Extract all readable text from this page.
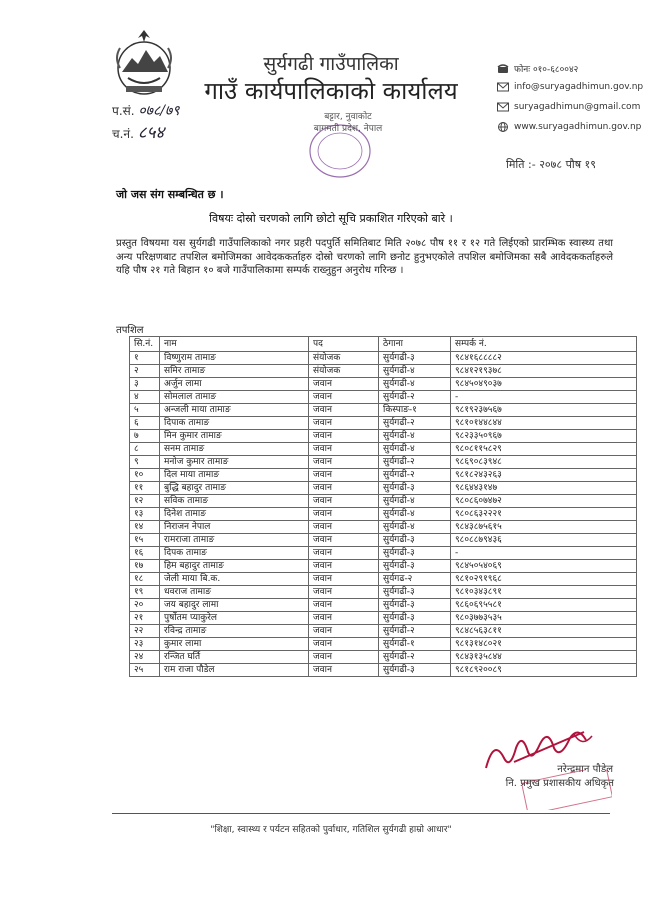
सुर्यगढी गाउँपालिका
गाउँ कार्यपालिकाको कार्यालय
फोनः ०१०-६८००४२
info@suryagadhimun.gov.np
suryagadhimun@gmail.com
www.suryagadhimun.gov.np
प.सं. ०७८/७९
च.नं. ८५४
बट्टार, नुवाकोट
बागमती प्रदेश, नेपाल
मिति :- २०७८ पौष १९
जो जस संग सम्बन्धित छ ।
विषयः दोस्रो चरणको लागि छोटो सूचि प्रकाशित गरिएको बारे ।
प्रस्तुत विषयमा यस सुर्यगढी गाउँपालिकाको नगर प्रहरी पदपुर्ति समितिबाट मिति २०७८ पौष ११ र १२ गते लिईएको प्रारम्भिक स्वास्थ्य तथा अन्य परिक्षणबाट तपशिल बमोजिमका आवेदककर्ताहरु दोस्रो चरणको लागि छनोट हुनुभएकोले तपशिल बमोजिमका सबै आवेदककर्ताहरुले यहि पौष २१ गते बिहान १० बजे गाउँपालिकामा सम्पर्क राख्नुहुन अनुरोध गरिन्छ ।
तपशिल
सि.नं.	नाम	पद	ठेगाना	सम्पर्क नं.
१	विष्णुराम तामाङ	संयोजक	सुर्यगढी-३	९८४१६८८८८२
२	समिर तामाङ	संयोजक	सुर्यगढी-४	९८४१२१९३७८
३	अर्जुन लामा	जवान	सुर्यगढी-४	९८४५०४९०३७
४	सोमलाल तामाङ	जवान	सुर्यगढी-२	-
५	अन्जली माया तामाङ	जवान	किस्पाङ-१	९८१९२३७५६७
६	दिपाक तामाङ	जवान	सुर्यगढी-२	९८१०१४४८४४
७	मिन कुमार तामाङ	जवान	सुर्यगढी-४	९८२३३५०९६७
८	सनम तामाङ	जवान	सुर्यगढी-४	९८०८११५८२९
९	मनोज कुमार तामाङ	जवान	सुर्यगढी-२	९८६९०८३९४८
१०	दिल माया तामाङ	जवान	सुर्यगढी-२	९८१८२४३२६३
११	बुद्धि बहादुर तामाङ	जवान	सुर्यगढी-३	९८६४४३१४७
१२	सविक तामाङ	जवान	सुर्यगढी-४	९८०८६०७४७२
१३	दिनेश तामाङ	जवान	सुर्यगढी-४	९८०८६३२२२१
१४	निराजन नेपाल	जवान	सुर्यगढी-४	९८४३८७५६१५
१५	रामराजा तामाङ	जवान	सुर्यगढी-३	९८०८८७९४३६
१६	दिपक तामाङ	जवान	सुर्यगढी-३	-
१७	हिम बहादुर तामाङ	जवान	सुर्यगढी-३	९८४५०५४०६९
१८	जेली माया बि.क.	जवान	सुर्यगढ-२	९८१०२९१९६८
१९	धवराज तामाङ	जवान	सुर्यगढी-३	९८१०३४३८९१
२०	जय बहादुर लामा	जवान	सुर्यगढी-३	९८६०६९५५८१
२१	पुर्षोतम प्याकुरेल	जवान	सुर्यगढी-३	९८०३७७३५३५
२२	रविन्द्र तामाङ	जवान	सुर्यगढी-२	९८४८५६३८११
२३	कुमार लामा	जवान	सुर्यगढी-१	९८१३१४८०२१
२४	रन्जित घर्ति	जवान	सुर्यगढी-२	९८४३१३५८४४
२५	राम राजा पौडेल	जवान	सुर्यगढी-३	९८१८९२००८९
नरेन्द्रमान पौडेल
नि. प्रमुख प्रशासकीय अधिकृत
"शिक्षा, स्वास्थ्य र पर्यटन सहितको पुर्वाधार, गतिशिल सुर्यगढी हाम्रो आधार"
